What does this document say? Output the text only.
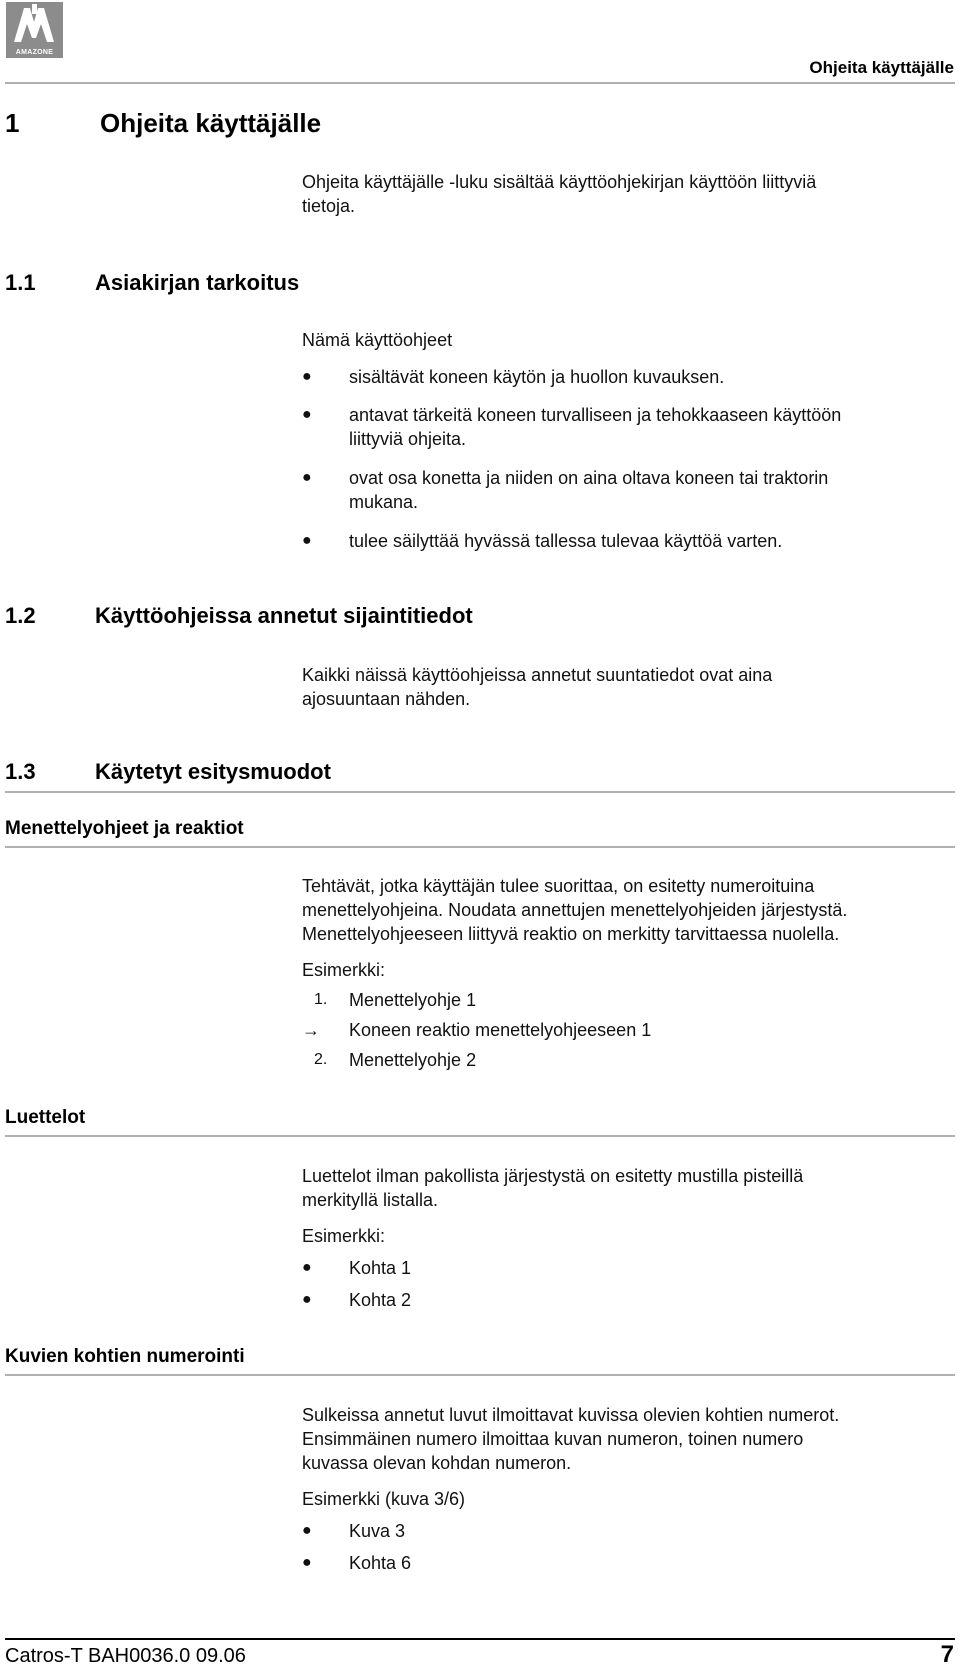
AMAZONE
Ohjeita käyttäjälle
1	Ohjeita käyttäjälle
Ohjeita käyttäjälle -luku sisältää käyttöohjekirjan käyttöön liittyviä
tietoja.
1.1	Asiakirjan tarkoitus
Nämä käyttöohjeet
●	sisältävät koneen käytön ja huollon kuvauksen.
●	antavat tärkeitä koneen turvalliseen ja tehokkaaseen käyttöön
liittyviä ohjeita.
●	ovat osa konetta ja niiden on aina oltava koneen tai traktorin
mukana.
●	tulee säilyttää hyvässä tallessa tulevaa käyttöä varten.
1.2	Käyttöohjeissa annetut sijaintitiedot
Kaikki näissä käyttöohjeissa annetut suuntatiedot ovat aina
ajosuuntaan nähden.
1.3	Käytetyt esitysmuodot
Menettelyohjeet ja reaktiot
Tehtävät, jotka käyttäjän tulee suorittaa, on esitetty numeroituina
menettelyohjeina. Noudata annettujen menettelyohjeiden järjestystä.
Menettelyohjeeseen liittyvä reaktio on merkitty tarvittaessa nuolella.
Esimerkki:
1.	Menettelyohje 1
→ Koneen reaktio menettelyohjeeseen 1
2.	Menettelyohje 2
Luettelot
Luettelot ilman pakollista järjestystä on esitetty mustilla pisteillä
merkityllä listalla.
Esimerkki:
●	Kohta 1
●	Kohta 2
Kuvien kohtien numerointi
Sulkeissa annetut luvut ilmoittavat kuvissa olevien kohtien numerot.
Ensimmäinen numero ilmoittaa kuvan numeron, toinen numero
kuvassa olevan kohdan numeron.
Esimerkki (kuva 3/6)
●	Kuva 3
●	Kohta 6
Catros-T BAH0036.0 09.06	7
